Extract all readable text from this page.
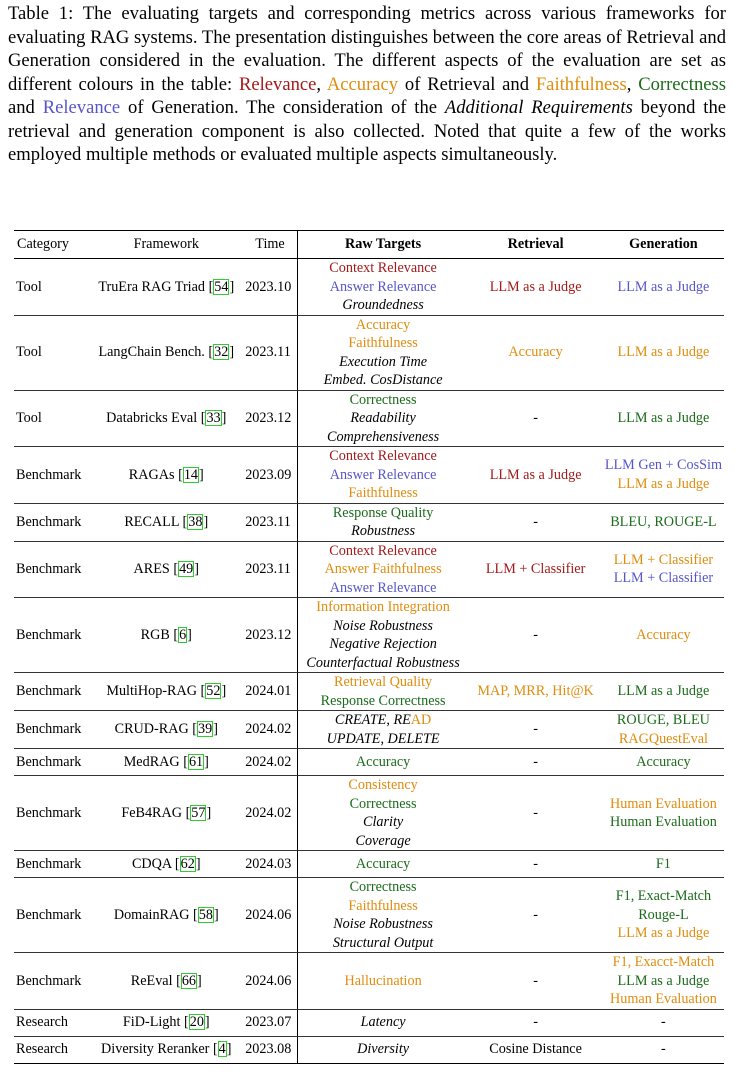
Table 1: The evaluating targets and corresponding metrics across various frameworks for evaluating RAG systems. The presentation distinguishes between the core areas of Retrieval and Generation considered in the evaluation. The different aspects of the evaluation are set as different colours in the table: Relevance, Accuracy of Retrieval and Faithfulness, Correctness and Relevance of Generation. The consideration of the Additional Requirements beyond the retrieval and generation component is also collected. Noted that quite a few of the works employed multiple methods or evaluated multiple aspects simultaneously.
Category	Framework	Time	Raw Targets	Retrieval	Generation
Tool	TruEra RAG Triad [54]	2023.10	Context Relevance
Answer Relevance
Groundedness	LLM as a Judge	LLM as a Judge

Tool	LangChain Bench. [32]	2023.11	Accuracy
Faithfulness
Execution Time
Embed. CosDistance	Accuracy	LLM as a Judge

Tool	Databricks Eval [33]	2023.12	Correctness
Readability
Comprehensiveness	-	LLM as a Judge

Benchmark	RAGAs [14]	2023.09	Context Relevance
Answer Relevance
Faithfulness	LLM as a Judge	LLM Gen + CosSim
LLM as a Judge

Benchmark	RECALL [38]	2023.11	Response Quality
Robustness	-	BLEU, ROUGE-L

Benchmark	ARES [49]	2023.11	Context Relevance
Answer Faithfulness
Answer Relevance	LLM + Classifier	LLM + Classifier
LLM + Classifier

Benchmark	RGB [6]	2023.12	Information Integration
Noise Robustness
Negative Rejection
Counterfactual Robustness	-	Accuracy

Benchmark	MultiHop-RAG [52]	2024.01	Retrieval Quality
Response Correctness	MAP, MRR, Hit@K	LLM as a Judge

Benchmark	CRUD-RAG [39]	2024.02	CREATE, READ
UPDATE, DELETE	-	ROUGE, BLEU
RAGQuestEval

Benchmark	MedRAG [61]	2024.02	Accuracy	-	Accuracy

Benchmark	FeB4RAG [57]	2024.02	Consistency
Correctness
Clarity
Coverage	-	Human Evaluation
Human Evaluation

Benchmark	CDQA [62]	2024.03	Accuracy	-	F1

Benchmark	DomainRAG [58]	2024.06	Correctness
Faithfulness
Noise Robustness
Structural Output	-	F1, Exact-Match
Rouge-L
LLM as a Judge

Benchmark	ReEval [66]	2024.06	Hallucination	-	F1, Exacct-Match
LLM as a Judge
Human Evaluation

Research	FiD-Light [20]	2023.07	Latency	-	-

Research	Diversity Reranker [4]	2023.08	Diversity	Cosine Distance	-
